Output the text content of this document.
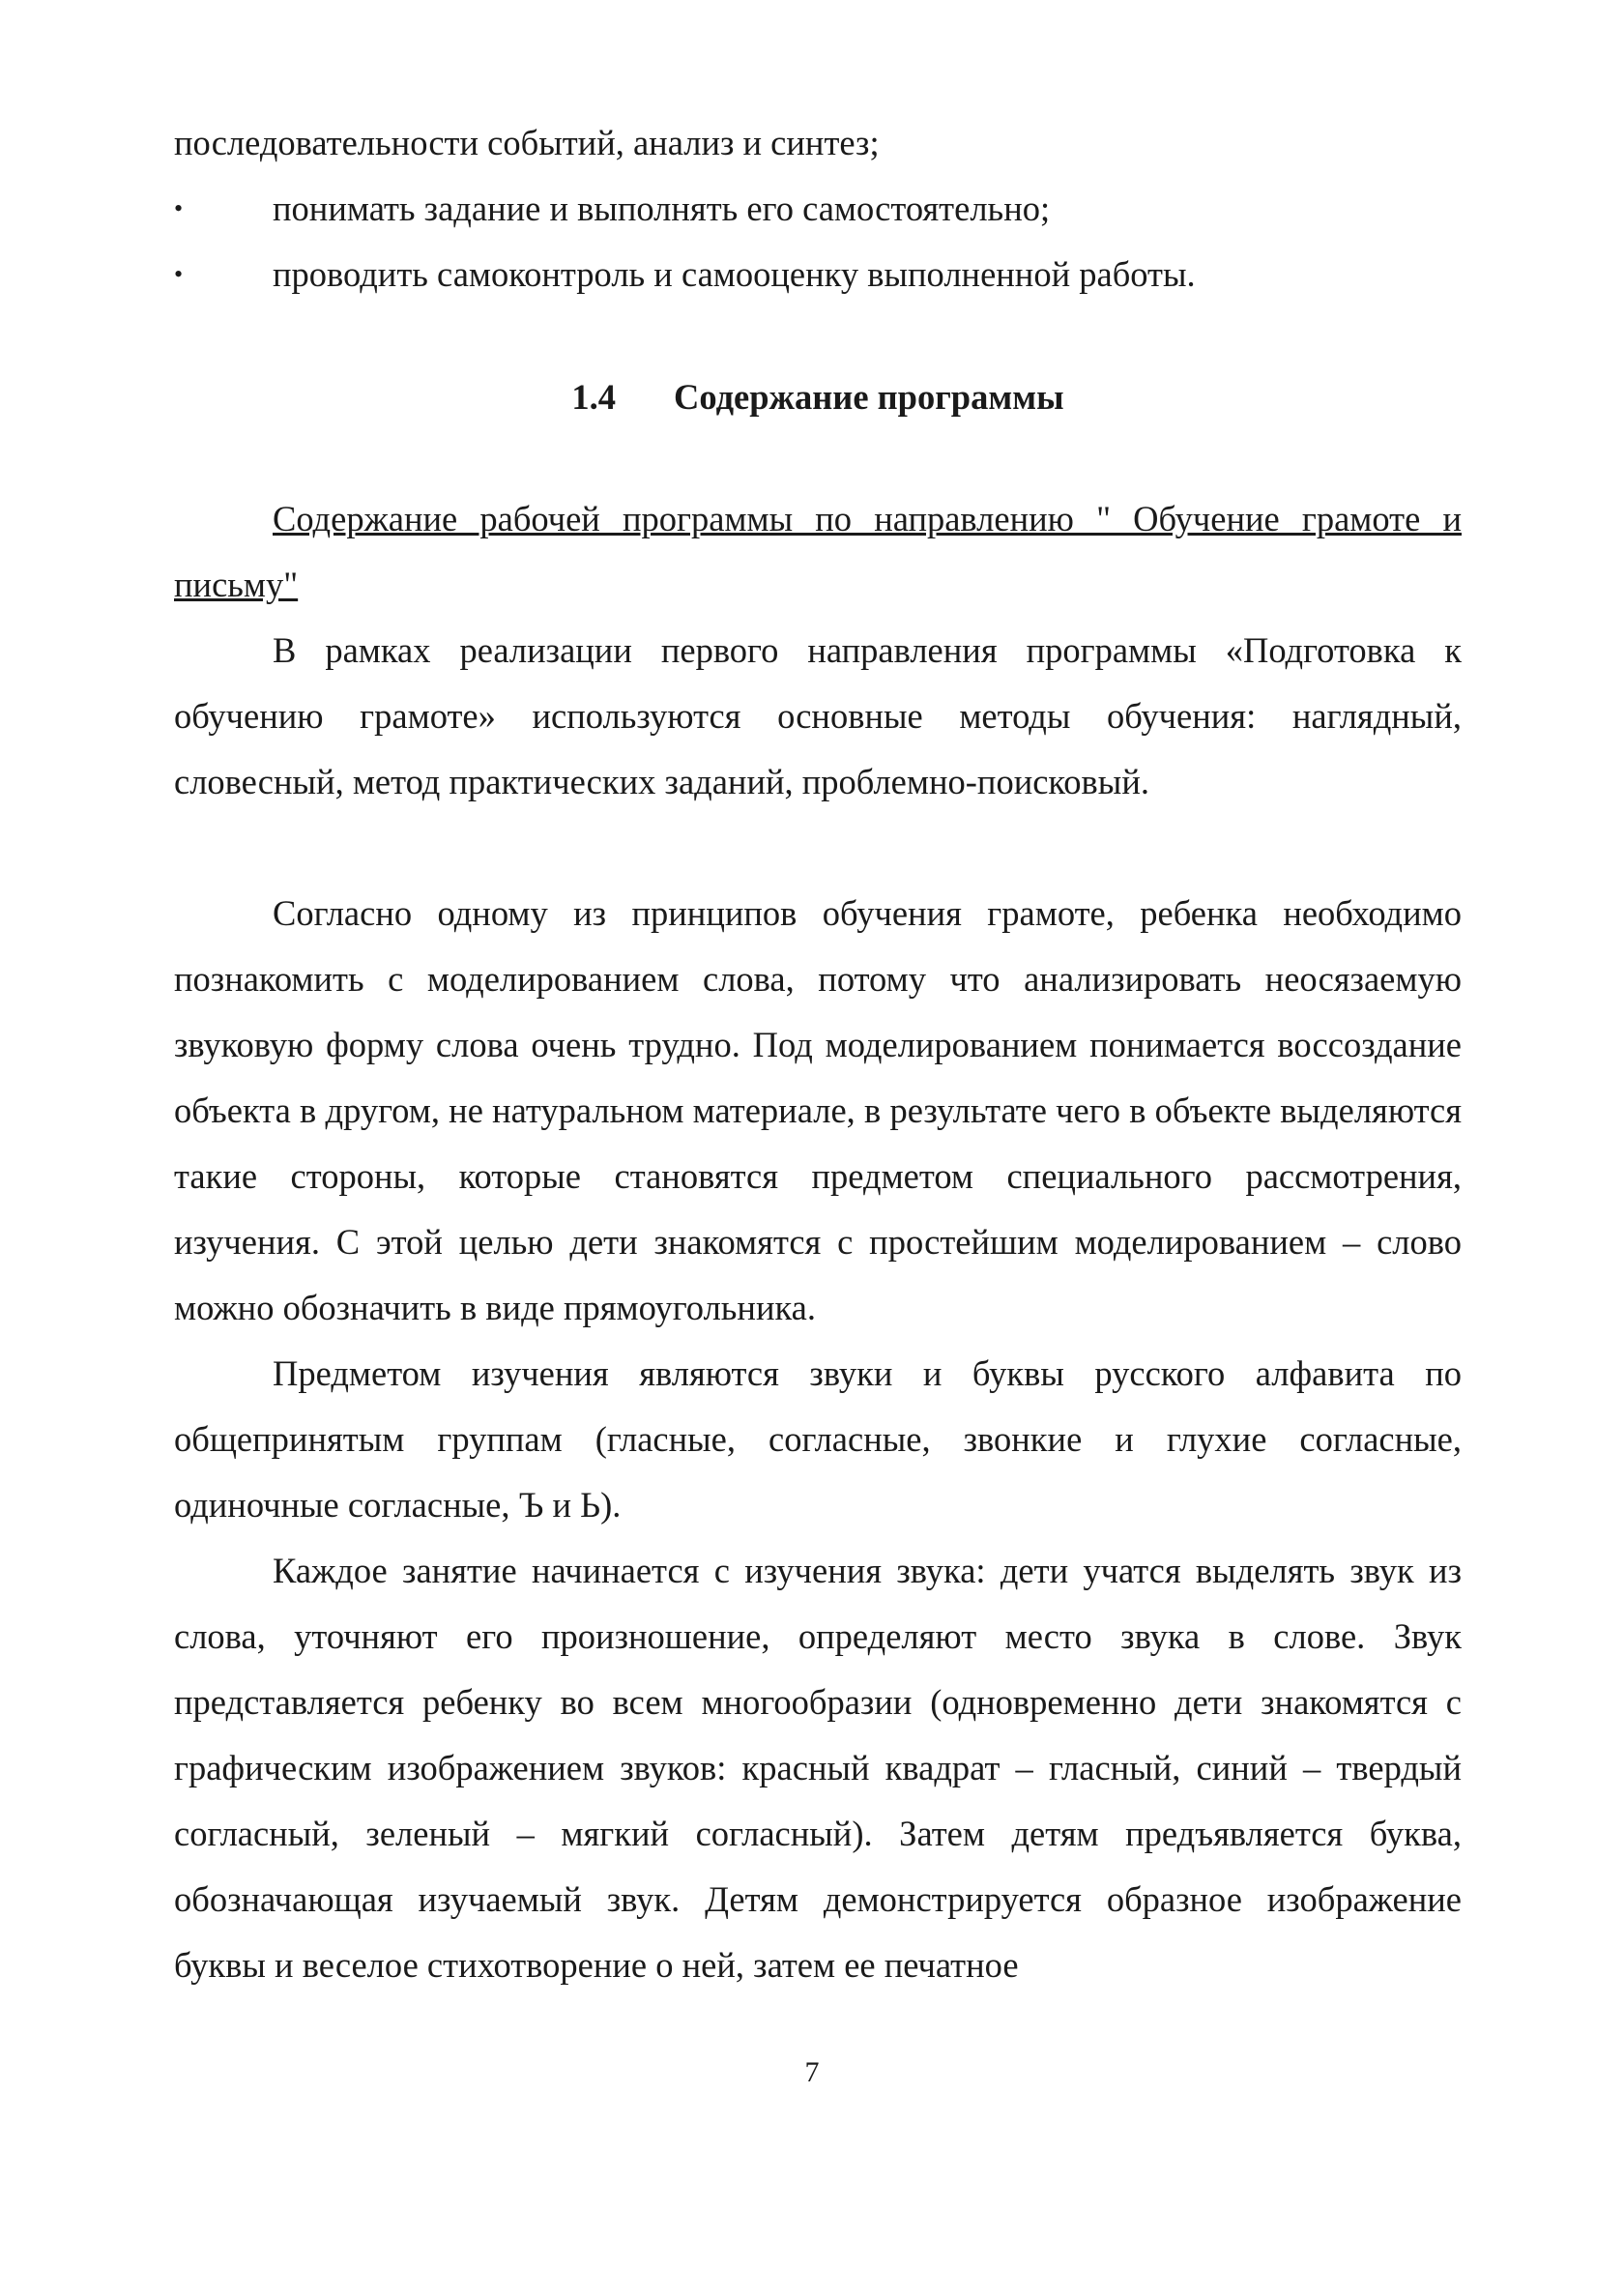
последовательности событий, анализ и синтез;

•	понимать задание и выполнять его самостоятельно;
•	проводить самоконтроль и самооценку выполненной работы.
1.4 Содержание программы

Содержание рабочей программы по направлению " Обучение грамоте и письму"

В рамках реализации первого направления программы «Подготовка к обучению грамоте» используются основные методы обучения: наглядный, словесный, метод практических заданий, проблемно-поисковый.

Согласно одному из принципов обучения грамоте, ребенка необходимо познакомить с моделированием слова, потому что анализировать неосязаемую звуковую форму слова очень трудно. Под моделированием понимается воссоздание объекта в другом, не натуральном материале, в результате чего в объекте выделяются такие стороны, которые становятся предметом специального рассмотрения, изучения. С этой целью дети знакомятся с простейшим моделированием – слово можно обозначить в виде прямоугольника.

Предметом изучения являются звуки и буквы русского алфавита по общепринятым группам (гласные, согласные, звонкие и глухие согласные, одиночные согласные, Ъ и Ь).

Каждое занятие начинается с изучения звука: дети учатся выделять звук из слова, уточняют его произношение, определяют место звука в слове. Звук представляется ребенку во всем многообразии (одновременно дети знакомятся с графическим изображением звуков: красный квадрат – гласный, синий – твердый согласный, зеленый – мягкий согласный). Затем детям предъявляется буква, обозначающая изучаемый звук. Детям демонстрируется образное изображение буквы и веселое стихотворение о ней, затем ее печатное

7
